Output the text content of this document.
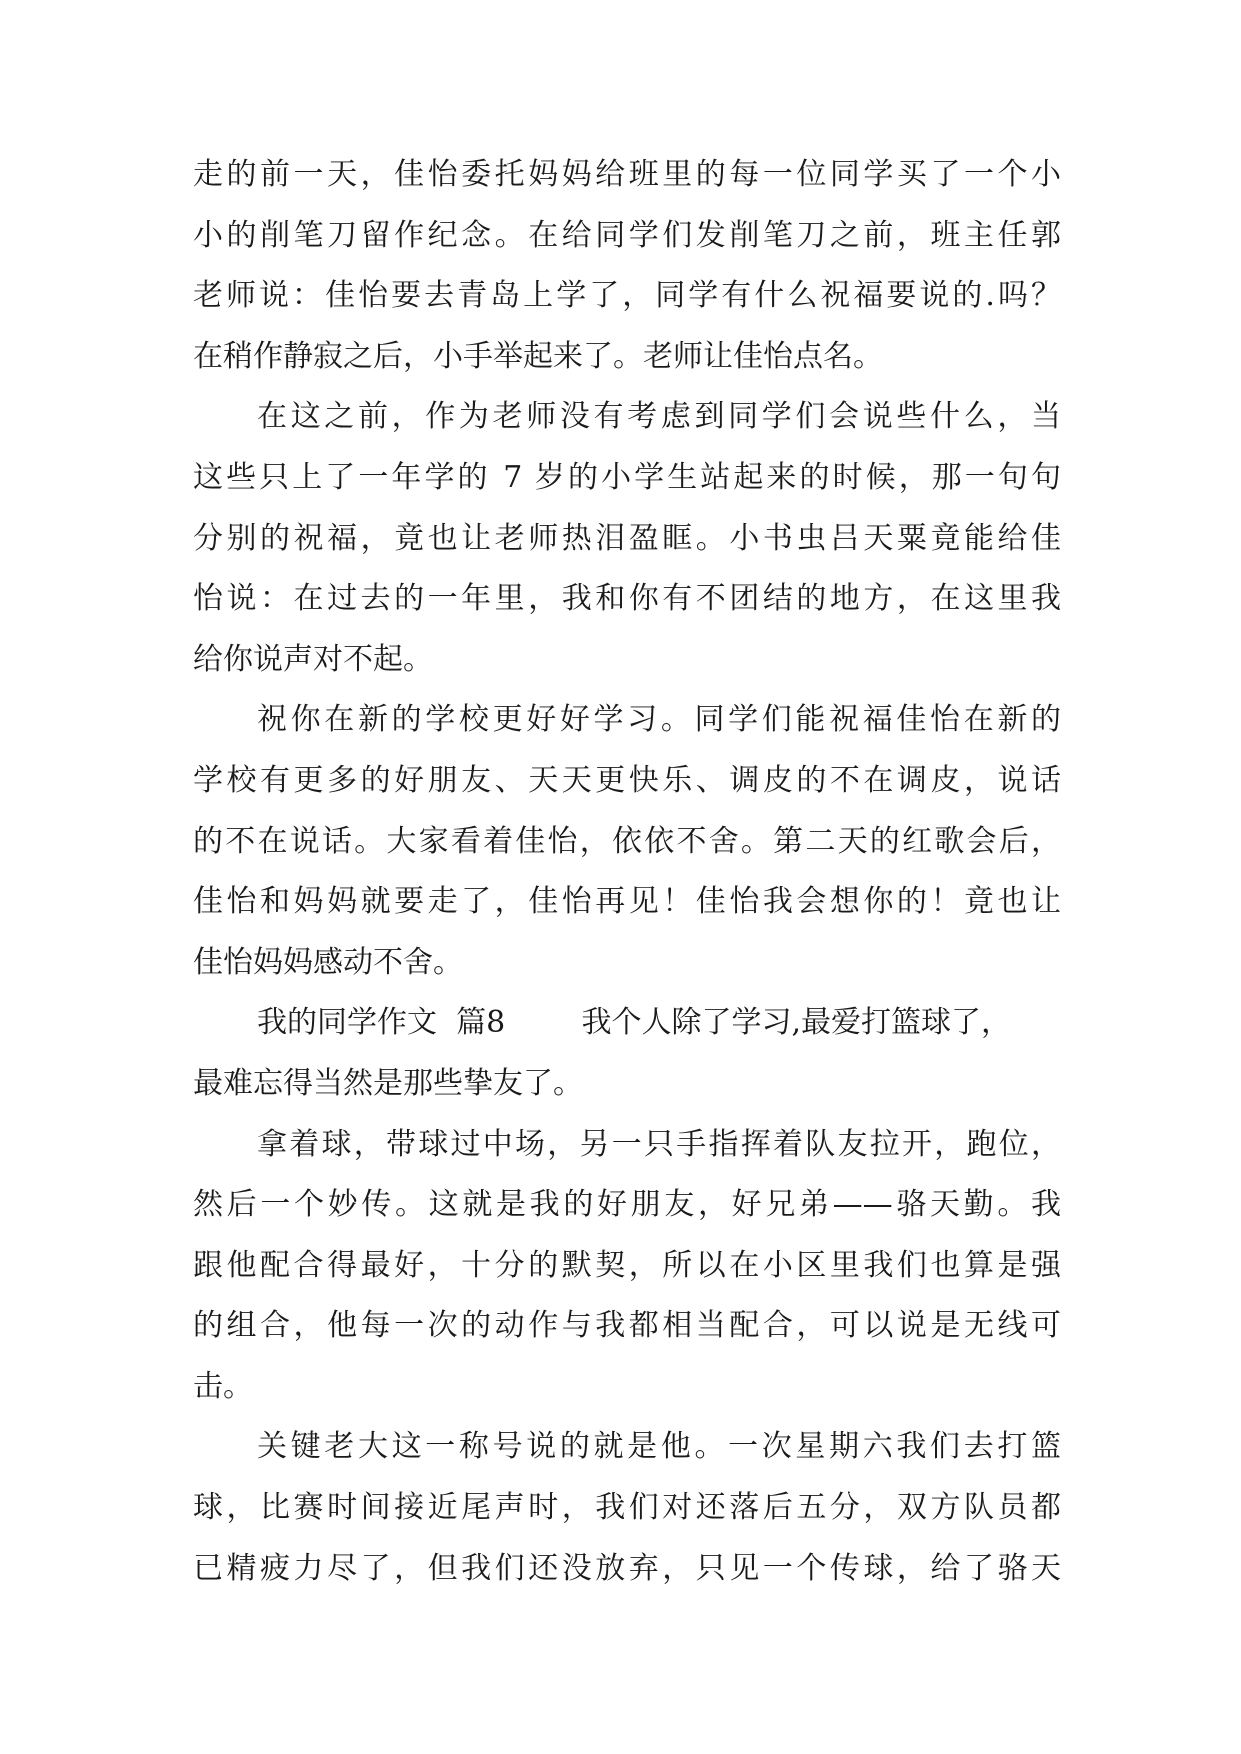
走的前一天，佳怡委托妈妈给班里的每一位同学买了一个小
小的削笔刀留作纪念。在给同学们发削笔刀之前，班主任郭
老师说：佳怡要去青岛上学了，同学有什么祝福要说的.吗？
在稍作静寂之后，小手举起来了。老师让佳怡点名。
在这之前，作为老师没有考虑到同学们会说些什么，当
这些只上了一年学的 7 岁的小学生站起来的时候，那一句句
分别的祝福，竟也让老师热泪盈眶。小书虫吕天粟竟能给佳
怡说：在过去的一年里，我和你有不团结的地方，在这里我
给你说声对不起。
祝你在新的学校更好好学习。同学们能祝福佳怡在新的
学校有更多的好朋友、天天更快乐、调皮的不在调皮，说话
的不在说话。大家看着佳怡，依依不舍。第二天的红歌会后，
佳怡和妈妈就要走了，佳怡再见！佳怡我会想你的！竟也让
佳怡妈妈感动不舍。
我的同学作文  篇8        我个人除了学习,最爱打篮球了，
最难忘得当然是那些挚友了。
拿着球，带球过中场，另一只手指挥着队友拉开，跑位，
然后一个妙传。这就是我的好朋友，好兄弟——骆天勤。我
跟他配合得最好，十分的默契，所以在小区里我们也算是强
的组合，他每一次的动作与我都相当配合，可以说是无线可
击。
关键老大这一称号说的就是他。一次星期六我们去打篮
球，比赛时间接近尾声时，我们对还落后五分，双方队员都
已精疲力尽了，但我们还没放弃，只见一个传球，给了骆天
